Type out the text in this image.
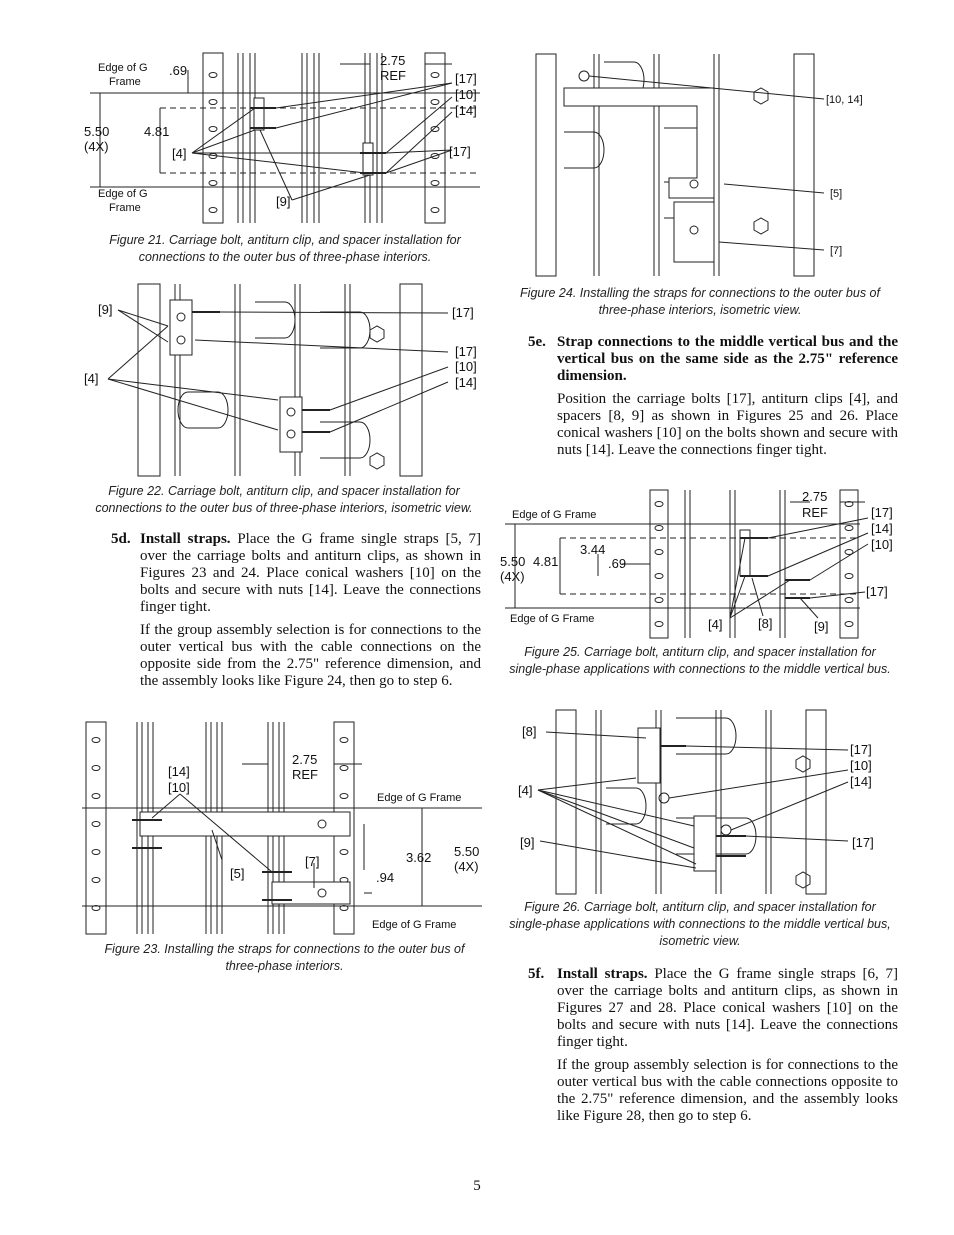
Edge of G
Frame
Edge of G
Frame
.69
2.75
REF
5.50
(4X)
4.81
[17]
[10]
[14]
[4]	[17]
[9]
Figure 21. Carriage bolt, antiturn clip, and spacer installation for connections to the outer bus of three-phase interiors.
[9]
[4]
[17]
[17]
[10]
[14]
Figure 22. Carriage bolt, antiturn clip, and spacer installation for connections to the outer bus of three-phase interiors, isometric view.
5d. Install straps. Place the G frame single straps [5, 7] over the carriage bolts and antiturn clips, as shown in Figures 23 and 24. Place conical washers [10] on the bolts and secure with nuts [14]. Leave the connections finger tight.

If the group assembly selection is for connections to the outer vertical bus with the cable connections on the opposite side from the 2.75" reference dimension, and the assembly looks like Figure 24, then go to step 6.

[14]
[10]
2.75
REF
Edge of G Frame
Edge of G Frame
[7]
[5]
3.62
.94
5.50
(4X)
Figure 23. Installing the straps for connections to the outer bus of three-phase interiors.
[10, 14]
[5]
[7]
Figure 24. Installing the straps for connections to the outer bus of three-phase interiors, isometric view.
5e. Strap connections to the middle vertical bus and the vertical bus on the same side as the 2.75" reference dimension.

Position the carriage bolts [17], antiturn clips [4], and spacers [8, 9] as shown in Figures 25 and 26. Place conical washers [10] on the bolts shown and secure with nuts [14]. Leave the connections finger tight.

Edge of G Frame
Edge of G Frame
2.75
REF
3.44
5.50
(4X)
4.81	.69
[17]
[14]
[10]
[17]
[4]	[8]	[9]
Figure 25. Carriage bolt, antiturn clip, and spacer installation for single-phase applications with connections to the middle vertical bus.
[8]
[4]
[9]
[17]
[10]
[14]
[17]
Figure 26. Carriage bolt, antiturn clip, and spacer installation for single-phase applications with connections to the middle vertical bus, isometric view.
5f. Install straps. Place the G frame single straps [6, 7] over the carriage bolts and antiturn clips, as shown in Figures 27 and 28. Place conical washers [10] on the bolts and secure with nuts [14]. Leave the connections finger tight.

If the group assembly selection is for connections to the outer vertical bus with the cable connections opposite to the 2.75" reference dimension, and the assembly looks like Figure 28, then go to step 6.

5
